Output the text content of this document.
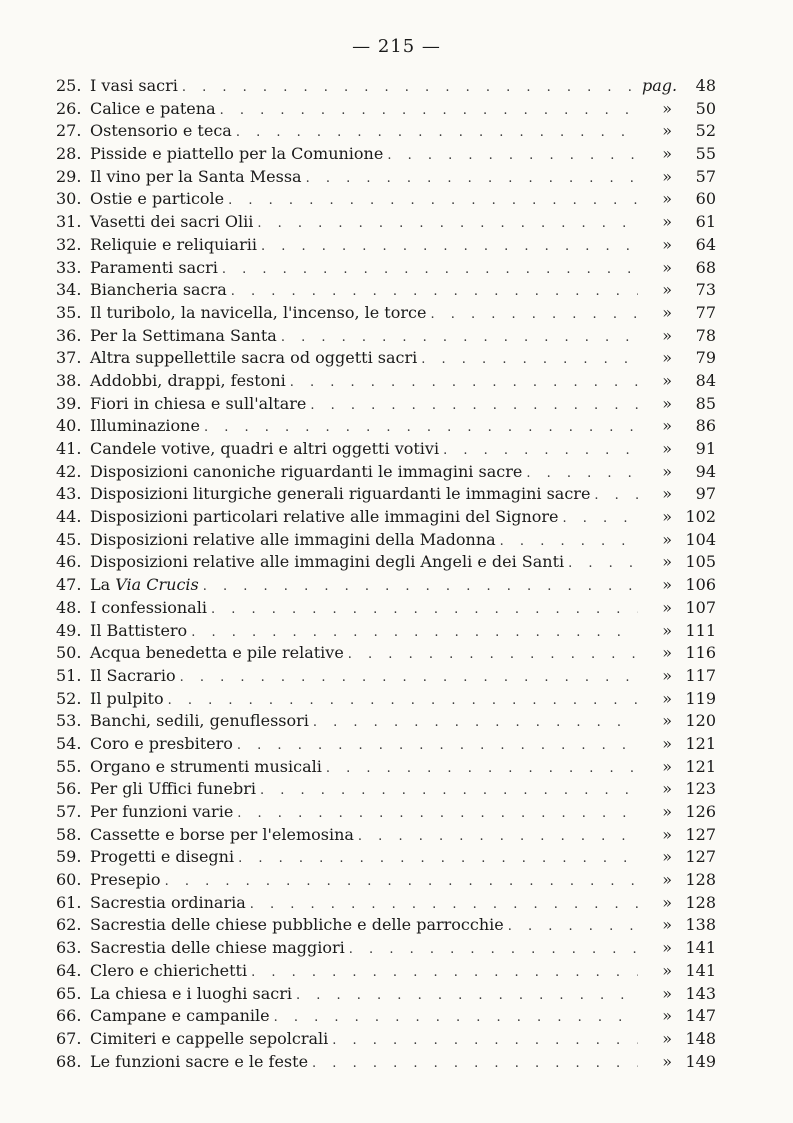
— 215 —
25. I vasi sacri . . .	pag.	48
26. Calice e patena . . .	»	50
27. Ostensorio e teca . . .	»	52
28. Pisside e piattello per la Comunione . . .	»	55
29. Il vino per la Santa Messa . . .	»	57
30. Ostie e particole . . .	»	60
31. Vasetti dei sacri Olii . . .	»	61
32. Reliquie e reliquiarii . . .	»	64
33. Paramenti sacri . . .	»	68
34. Biancheria sacra . . .	»	73
35. Il turibolo, la navicella, l'incenso, le torce . . .	»	77
36. Per la Settimana Santa . . .	»	78
37. Altra suppellettile sacra od oggetti sacri . . .	»	79
38. Addobbi, drappi, festoni . . .	»	84
39. Fiori in chiesa e sull'altare . . .	»	85
40. Illuminazione . . .	»	86
41. Candele votive, quadri e altri oggetti votivi . . .	»	91
42. Disposizioni canoniche riguardanti le immagini sacre . . .	»	94
43. Disposizioni liturgiche generali riguardanti le immagini sacre . . .	»	97
44. Disposizioni particolari relative alle immagini del Signore . . .	» 102
45. Disposizioni relative alle immagini della Madonna . . .	» 104
46. Disposizioni relative alle immagini degli Angeli e dei Santi . . .	» 105
47. La Via Crucis . . .	» 106
48. I confessionali . . .	» 107
49. Il Battistero . . .	» 111
50. Acqua benedetta e pile relative . . .	» 116
51. Il Sacrario . . .	» 117
52. Il pulpito . . .	» 119
53. Banchi, sedili, genuflessori . . .	» 120
54. Coro e presbitero . . .	» 121
55. Organo e strumenti musicali . . .	» 121
56. Per gli Uffici funebri . . .	» 123
57. Per funzioni varie . . .	» 126
58. Cassette e borse per l'elemosina . . .	» 127
59. Progetti e disegni . . .	» 127
60. Presepio . . .	» 128
61. Sacrestia ordinaria . . .	» 128
62. Sacrestia delle chiese pubbliche e delle parrocchie . . .	» 138
63. Sacrestia delle chiese maggiori . . .	» 141
64. Clero e chierichetti . . .	» 141
65. La chiesa e i luoghi sacri . . .	» 143
66. Campane e campanile . . .	» 147
67. Cimiteri e cappelle sepolcrali . . .	» 148
68. Le funzioni sacre e le feste . . .	» 149
